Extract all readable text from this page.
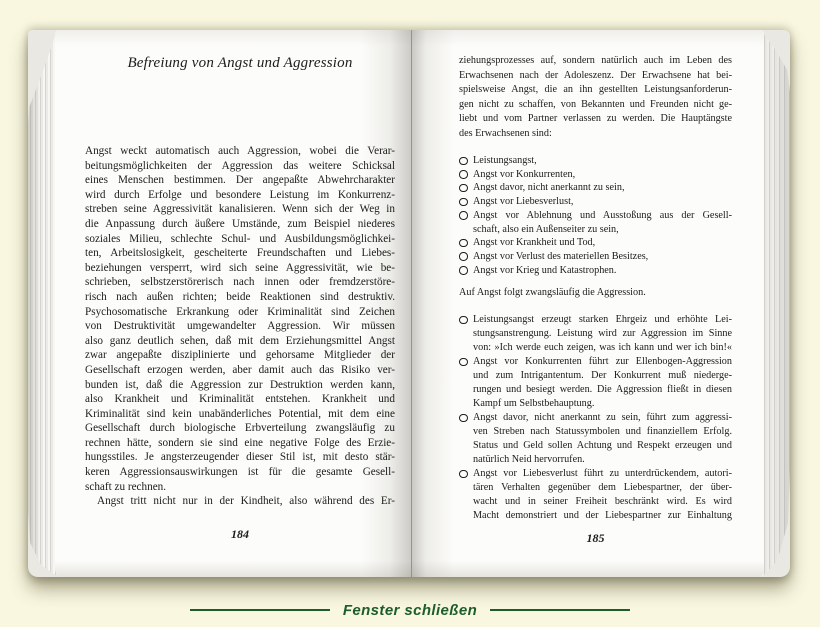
Befreiung von Angst und Aggression
Angst weckt automatisch auch Aggression, wobei die Verar-
beitungsmöglichkeiten der Aggression das weitere Schicksal
eines Menschen bestimmen. Der angepaßte Abwehrcharakter
wird durch Erfolge und besondere Leistung im Konkurrenz-
streben seine Aggressivität kanalisieren. Wenn sich der Weg in
die Anpassung durch äußere Umstände, zum Beispiel niederes
soziales Milieu, schlechte Schul- und Ausbildungsmöglichkei-
ten, Arbeitslosigkeit, gescheiterte Freundschaften und Liebes-
beziehungen versperrt, wird sich seine Aggressivität, wie be-
schrieben, selbstzerstörerisch nach innen oder fremdzerstöre-
risch nach außen richten; beide Reaktionen sind destruktiv.
Psychosomatische Erkrankung oder Kriminalität sind Zeichen
von Destruktivität umgewandelter Aggression. Wir müssen
also ganz deutlich sehen, daß mit dem Erziehungsmittel Angst
zwar angepaßte disziplinierte und gehorsame Mitglieder der
Gesellschaft erzogen werden, aber damit auch das Risiko ver-
bunden ist, daß die Aggression zur Destruktion werden kann,
also Krankheit und Kriminalität entstehen. Krankheit und
Kriminalität sind kein unabänderliches Potential, mit dem eine
Gesellschaft durch biologische Erbverteilung zwangsläufig zu
rechnen hätte, sondern sie sind eine negative Folge des Erzie-
hungsstiles. Je angsterzeugender dieser Stil ist, mit desto stär-
keren Aggressionsauswirkungen ist für die gesamte Gesell-
schaft zu rechnen.
Angst tritt nicht nur in der Kindheit, also während des Er-
184
ziehungsprozesses auf, sondern natürlich auch im Leben des
Erwachsenen nach der Adoleszenz. Der Erwachsene hat bei-
spielsweise Angst, die an ihn gestellten Leistungsanforderun-
gen nicht zu schaffen, von Bekannten und Freunden nicht ge-
liebt und vom Partner verlassen zu werden. Die Hauptängste
des Erwachsenen sind:
Leistungsangst,
Angst vor Konkurrenten,
Angst davor, nicht anerkannt zu sein,
Angst vor Liebesverlust,
Angst vor Ablehnung und Ausstoßung aus der Gesell-
schaft, also ein Außenseiter zu sein,
Angst vor Krankheit und Tod,
Angst vor Verlust des materiellen Besitzes,
Angst vor Krieg und Katastrophen.
Auf Angst folgt zwangsläufig die Aggression.
Leistungsangst erzeugt starken Ehrgeiz und erhöhte Lei-
stungsanstrengung. Leistung wird zur Aggression im Sinne
von: »Ich werde euch zeigen, was ich kann und wer ich bin!«
Angst vor Konkurrenten führt zur Ellenbogen-Aggression
und zum Intrigantentum. Der Konkurrent muß niederge-
rungen und besiegt werden. Die Aggression fließt in diesen
Kampf um Selbstbehauptung.
Angst davor, nicht anerkannt zu sein, führt zum aggressi-
ven Streben nach Statussymbolen und finanziellem Erfolg.
Status und Geld sollen Achtung und Respekt erzeugen und
natürlich Neid hervorrufen.
Angst vor Liebesverlust führt zu unterdrückendem, autori-
tären Verhalten gegenüber dem Liebespartner, der über-
wacht und in seiner Freiheit beschränkt wird. Es wird
Macht demonstriert und der Liebespartner zur Einhaltung
185
Fenster schließen
